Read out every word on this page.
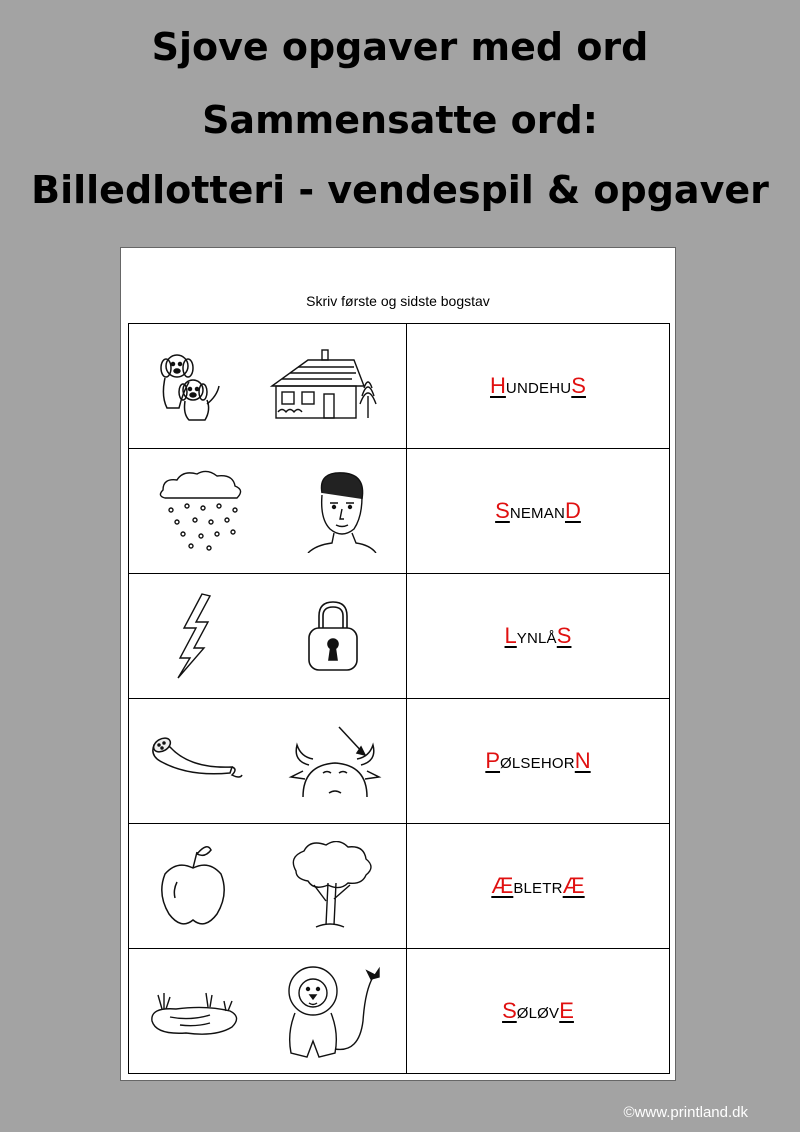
Sjove opgaver med ord
Sammensatte ord:
Billedlotteri - vendespil & opgaver
Skriv første og sidste bogstav

HUNDEHUS

SNEMAND

LYNLÅS

PØLSEHORN

ÆBLETRÆ

SØLØVE
©www.printland.dk
